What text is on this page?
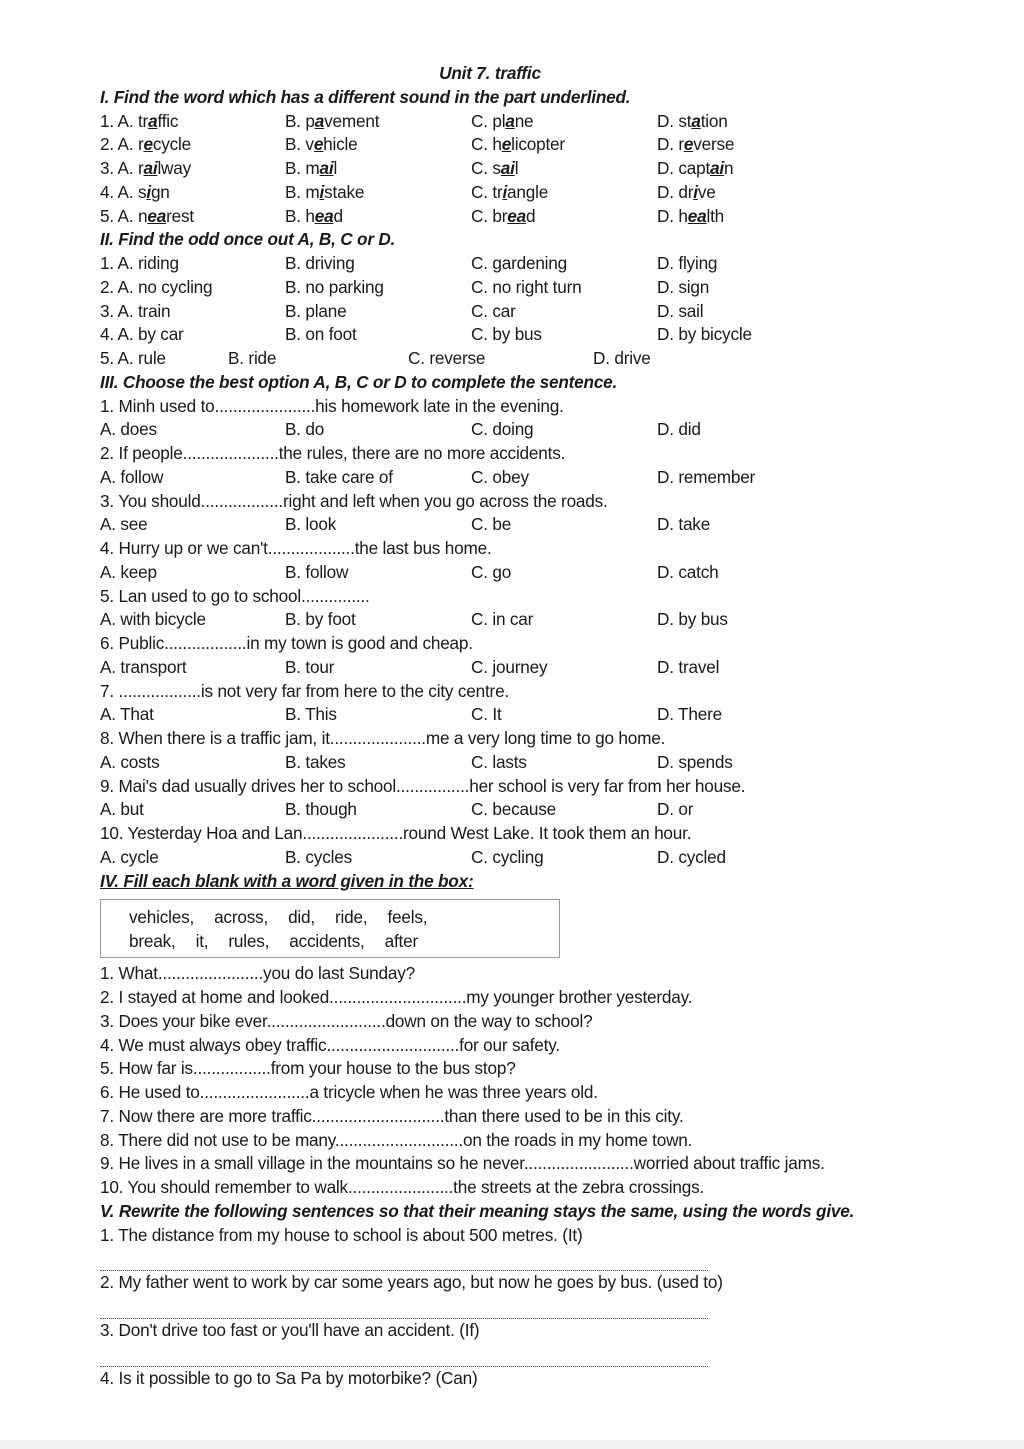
Unit 7. traffic
I. Find the word which has a different sound in the part underlined.
1. A. traffic	B. pavement	C. plane	D. station
2. A. recycle	B. vehicle	C. helicopter	D. reverse
3. A. railway	B. mail	C. sail	D. captain
4. A. sign	B. mistake	C. triangle	D. drive
5. A. nearest	B. head	C. bread	D. health
II. Find the odd once out A, B, C or D.
1. A. riding	B. driving	C. gardening	D. flying
2. A. no cycling	B. no parking	C. no right turn	D. sign
3. A. train	B. plane	C. car	D. sail
4. A. by car	B. on foot	C. by bus	D. by bicycle
5. A. rule	B. ride	C. reverse	D. drive
III. Choose the best option A, B, C or D to complete the sentence.
1. Minh used to......................his homework late in the evening.
A. does	B. do	C. doing	D. did
2. If people.....................the rules, there are no more accidents.
A. follow	B. take care of	C. obey	D. remember
3. You should..................right and left when you go across the roads.
A. see	B. look	C. be	D. take
4. Hurry up or we can't...................the last bus home.
A. keep	B. follow	C. go	D. catch
5. Lan used to go to school...............
A. with bicycle	B. by foot	C. in car	D. by bus
6. Public..................in my town is good and cheap.
A. transport	B. tour	C. journey	D. travel
7. ..................is not very far from here to the city centre.
A. That	B. This	C. It	D. There
8. When there is a traffic jam, it.....................me a very long time to go home.
A. costs	B. takes	C. lasts	D. spends
9. Mai's dad usually drives her to school................her school is very far from her house.
A. but	B. though	C. because	D. or
10. Yesterday Hoa and Lan......................round West Lake. It took them an hour.
A. cycle	B. cycles	C. cycling	D. cycled
IV. Fill each blank with a word given in the box:
vehicles, across, did, ride, feels,
break, it, rules, accidents, after
1. What.......................you do last Sunday?
2. I stayed at home and looked..............................my younger brother yesterday.
3. Does your bike ever..........................down on the way to school?
4. We must always obey traffic.............................for our safety.
5. How far is.................from your house to the bus stop?
6. He used to........................a tricycle when he was three years old.
7. Now there are more traffic.............................than there used to be in this city.
8. There did not use to be many............................on the roads in my home town.
9. He lives in a small village in the mountains so he never........................worried about traffic jams.
10. You should remember to walk.......................the streets at the zebra crossings.
V. Rewrite the following sentences so that their meaning stays the same, using the words give.
1. The distance from my house to school is about 500 metres. (It)
2. My father went to work by car some years ago, but now he goes by bus. (used to)
3. Don't drive too fast or you'll have an accident. (If)
4. Is it possible to go to Sa Pa by motorbike? (Can)
